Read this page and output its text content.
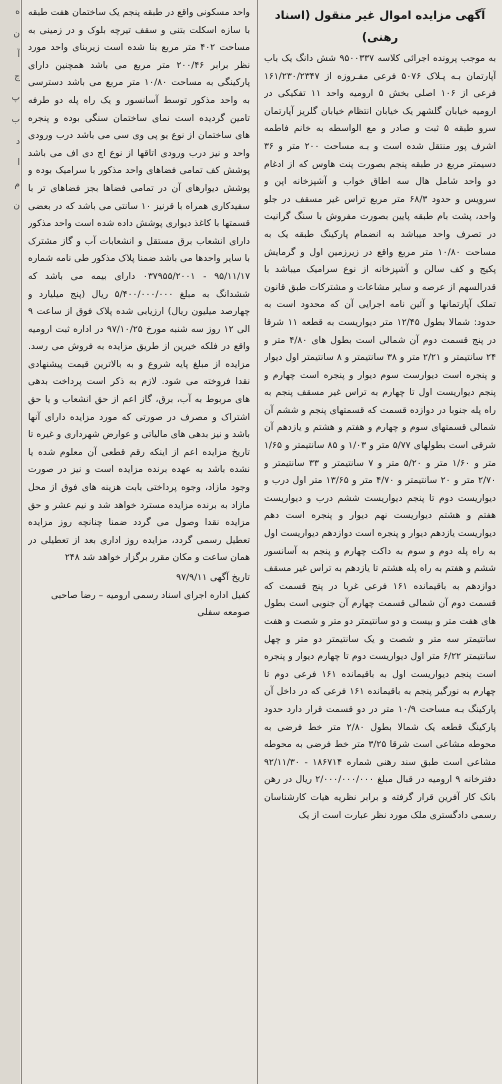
ه
ن
آ
ج
پ
ب
د
ا
م
ن
آگهی مزایده اموال غیر منقول (اسناد رهنی)

به موجب پرونده اجرائی کلاسه ۹۵۰۰۳۳۷ شش دانگ یک باب آپارتمان بـه پـلاک ۵۰۷۶ فرعی مفـروزه از ۱۶۱/۲۳۰/۲۳۴۷ فرعی از ۱۰۶ اصلی بخش ۵ ارومیه واحد ۱۱ تفکیکی در ارومیه خیابان گلشهر یک خیابان انتظام خیابان گلریز آپارتمان سرو طبقه ۵ ثبت و صادر و مع الواسطه به خانم فاطمه اشرف پور منتقل شده است و بـه مساحت ۲۰۰ متر و ۳۶ دسیمتر مربع در طبقه پنجم بصورت پنت هاوس که از ادغام دو واحد شامل هال سه اطاق خواب و آشپزخانه اپن و سرویس و حدود ۶۸/۳ متر مربع تراس غیر مسقف در جلو واحد، پشت بام طبقه پایین بصورت مفروش با سنگ گرانیت در تصرف واحد میباشد به انضمام پارکینگ طبقه یک به مساحت ۱۰/۸۰ متر مربع واقع در زیرزمین اول و گرمایش پکیج و کف سالن و آشپزخانه از نوع سرامیک میباشد با قدرالسهم از عرصه و سایر مشاعات و مشترکات طبق قانون تملک آپارتمانها و آئین نامه اجرایی آن که محدود است به حدود: شمالا بطول ۱۲/۴۵ متر دیواریست به قطعه ۱۱ شرقا در پنج قسمت دوم آن شمالی است بطول های ۴/۸۰ متر و ۲۴ سانتیمتر و ۲/۲۱ متر و ۳۸ سانتیمتر و ۸ سانتیمتر اول دیوار و پنجره است دیوارست سوم دیوار و پنجره است چهارم و پنجم دیواریست اول تا چهارم به تراس غیر مسقف پنجم به راه پله جنوبا در دوازده قسمت که قسمتهای پنجم و ششم آن شمالی قسمتهای سوم و چهارم و هفتم و هشتم و یازدهم آن شرقی است بطولهای ۵/۷۷ متر و ۱/۰۳ و ۸۵ سانتیمتر و ۱/۶۵ متر و ۱/۶۰ متر و ۵/۲۰ متر و ۷ سانتیمتر و ۳۳ سانتیمتر و ۲/۷۰ متر و ۲۰ سانتیمتر و ۴/۷۰ متر و ۱۳/۶۵ متر اول درب و دیواریست دوم تا پنجم دیواریست ششم درب و دیواریست هفتم و هشتم دیواریست نهم دیوار و پنجره است دهم دیواریست یازدهم دیوار و پنجره است دوازدهم دیواریست اول به راه پله دوم و سوم به داکت چهارم و پنجم به آسانسور ششم و هفتم به راه پله هشتم تا یازدهم به تراس غیر مسقف دوازدهم به باقیمانده ۱۶۱ فرعی غربا در پنج قسمت که قسمت دوم آن شمالی قسمت چهارم آن جنوبی است بطول های هفت متر و بیست و دو سانتیمتر دو متر و شصت و هفت سانتیمتر سه متر و شصت و یک سانتیمتر دو متر و چهل سانتیمتر ۶/۲۲ متر اول دیواریست دوم تا چهارم دیوار و پنجره است پنجم دیواریست اول به باقیمانده ۱۶۱ فرعی دوم تا چهارم به نورگیر پنجم به باقیمانده ۱۶۱ فرعی که در داخل آن پارکینگ بـه مساحت ۱۰/۹ متر در دو قسمت قرار دارد حدود پارکینگ قطعه یک شمالا بطول ۲/۸۰ متر خط فرضی به محوطه مشاعی است شرقا ۳/۲۵ متر خط فرضی به محوطه مشاعی است طبق سند رهنی شماره ۱۸۶۷۱۴ - ۹۲/۱۱/۳۰ دفترخانه ۹ ارومیه در قبال مبلغ ۲/۰۰۰/۰۰۰/۰۰۰ ریال در رهن بانک کار آفرین قرار گرفته و برابر نظریه هیات کارشناسان رسمی دادگستری ملک مورد نظر عبارت است از یک

واحد مسکونی واقع در طبقه پنجم یک ساختمان هفت طبقه با سازه اسکلت بتنی و سقف تیرچه بلوک و در زمینی به مساحت ۴۰۲ متر مربع بنا شده است زیربنای واحد مورد نظر برابر ۲۰۰/۴۶ متر مربع می باشد همچنین دارای پارکینگی به مساحت ۱۰/۸۰ متر مربع می باشد دسترسی به واحد مذکور توسط آسانسور و یک راه پله دو طرفه تامین گردیده است نمای ساختمان سنگی بوده و پنجره های ساختمان از نوع یو پی وی سی می باشد درب ورودی واحد و نیز درب ورودی اتاقها از نوع اچ دی اف می باشد پوشش کف تمامی فضاهای واحد مذکور با سرامیک بوده و پوشش دیوارهای آن در تمامی فضاها بجز فضاهای تر با سفیدکاری همراه با قرنیز ۱۰ سانتی می باشد که در بعضی قسمتها با کاغذ دیواری پوشش داده شده است واحد مذکور دارای انشعاب برق مستقل و انشعابات آب و گاز مشترک با سایر واحدها می باشد ضمنا پلاک مذکور طی نامه شماره ۹۵/۱۱/۱۷ - ۰۳۷۹۵۵/۲۰۰۱ دارای بیمه می باشد که ششدانگ به مبلغ ۵/۴۰۰/۰۰۰/۰۰۰ ریال (پنج میلیارد و چهارصد میلیون ریال) ارزیابی شده پلاک فوق از ساعت ۹ الی ۱۲ روز سه شنبه مورخ ۹۷/۱۰/۲۵ در اداره ثبت ارومیه واقع در فلکه خیرین از طریق مزایده به فروش می رسد. مزایده از مبلغ پایه شروع و به بالاترین قیمت پیشنهادی نقدا فروخته می شود. لازم به ذکر است پرداخت بدهی های مربوط به آب، برق، گاز اعم از حق انشعاب و یا حق اشتراک و مصرف در صورتی که مورد مزایده دارای آنها باشد و نیز بدهی های مالیاتی و عوارض شهرداری و غیره تا تاریخ مزایده اعم از اینکه رقم قطعی آن معلوم شده یا نشده باشد به عهده برنده مزایده است و نیز در صورت وجود مازاد، وجوه پرداختی بابت هزینه های فوق از محل مازاد به برنده مزایده مسترد خواهد شد و نیم عشر و حق مزایده نقدا وصول می گردد ضمنا چنانچه روز مزایده تعطیل رسمی گردد، مزایده روز اداری بعد از تعطیلی در همان ساعت و مکان مقرر برگزار خواهد شد ۲۴۸

تاریخ آگهی ۹۷/۹/۱۱
کفیل اداره اجرای اسناد رسمی ارومیه – رضا صاحبی
صومعه سفلی
